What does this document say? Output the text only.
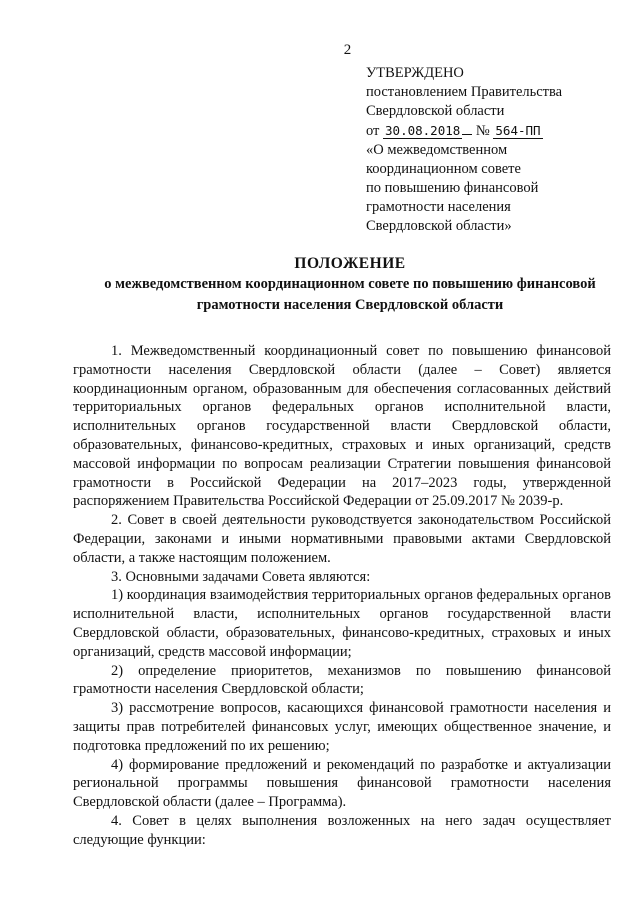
2
УТВЕРЖДЕНО
постановлением Правительства
Свердловской области
от 30.08.2018 № 564-ПП
«О межведомственном
координационном совете
по повышению финансовой
грамотности населения
Свердловской области»
ПОЛОЖЕНИЕ
о межведомственном координационном совете по повышению финансовой
грамотности населения Свердловской области

1. Межведомственный координационный совет по повышению финансовой грамотности населения Свердловской области (далее – Совет) является координационным органом, образованным для обеспечения согласованных действий территориальных органов федеральных органов исполнительной власти, исполнительных органов государственной власти Свердловской области, образовательных, финансово-кредитных, страховых и иных организаций, средств массовой информации по вопросам реализации Стратегии повышения финансовой грамотности в Российской Федерации на 2017–2023 годы, утвержденной распоряжением Правительства Российской Федерации от 25.09.2017 № 2039-р.

2. Совет в своей деятельности руководствуется законодательством Российской Федерации, законами и иными нормативными правовыми актами Свердловской области, а также настоящим положением.

3. Основными задачами Совета являются:

1) координация взаимодействия территориальных органов федеральных органов исполнительной власти, исполнительных органов государственной власти Свердловской области, образовательных, финансово-кредитных, страховых и иных организаций, средств массовой информации;

2) определение приоритетов, механизмов по повышению финансовой грамотности населения Свердловской области;

3) рассмотрение вопросов, касающихся финансовой грамотности населения и защиты прав потребителей финансовых услуг, имеющих общественное значение, и подготовка предложений по их решению;

4) формирование предложений и рекомендаций по разработке и актуализации региональной программы повышения финансовой грамотности населения Свердловской области (далее – Программа).

4. Совет в целях выполнения возложенных на него задач осуществляет следующие функции:
